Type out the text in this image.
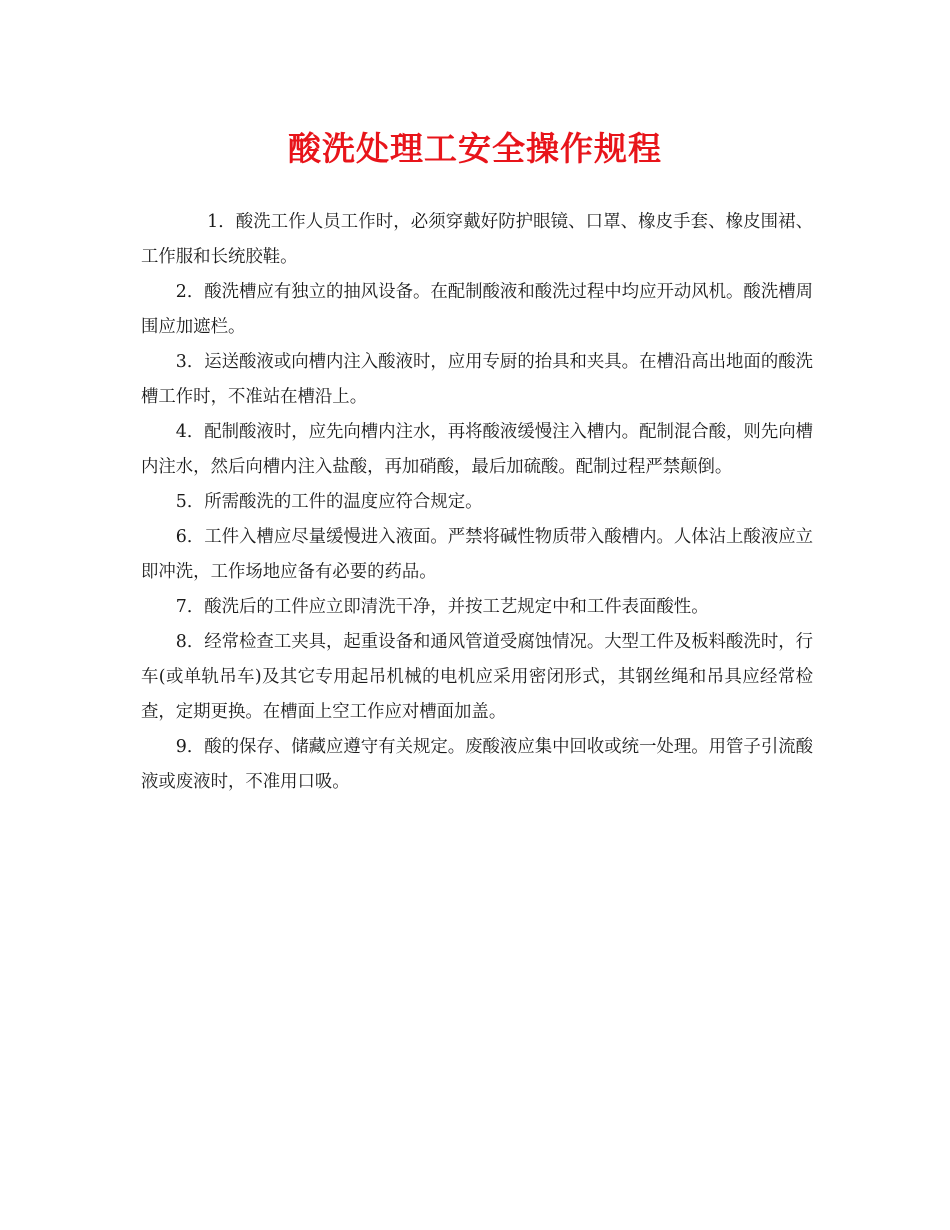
酸洗处理工安全操作规程

1．酸洗工作人员工作时，必须穿戴好防护眼镜、口罩、橡皮手套、橡皮围裙、工作服和长统胶鞋。

2．酸洗槽应有独立的抽风设备。在配制酸液和酸洗过程中均应开动风机。酸洗槽周围应加遮栏。

3．运送酸液或向槽内注入酸液时，应用专厨的抬具和夹具。在槽沿高出地面的酸洗槽工作时，不准站在槽沿上。

4．配制酸液时，应先向槽内注水，再将酸液缓慢注入槽内。配制混合酸，则先向槽内注水，然后向槽内注入盐酸，再加硝酸，最后加硫酸。配制过程严禁颠倒。

5．所需酸洗的工件的温度应符合规定。

6．工件入槽应尽量缓慢进入液面。严禁将碱性物质带入酸槽内。人体沾上酸液应立即冲洗，工作场地应备有必要的药品。

7．酸洗后的工件应立即清洗干净，并按工艺规定中和工件表面酸性。

8．经常检查工夹具，起重设备和通风管道受腐蚀情况。大型工件及板料酸洗时，行车(或单轨吊车)及其它专用起吊机械的电机应采用密闭形式，其钢丝绳和吊具应经常检查，定期更换。在槽面上空工作应对槽面加盖。

9．酸的保存、储藏应遵守有关规定。废酸液应集中回收或统一处理。用管子引流酸液或废液时，不准用口吸。
